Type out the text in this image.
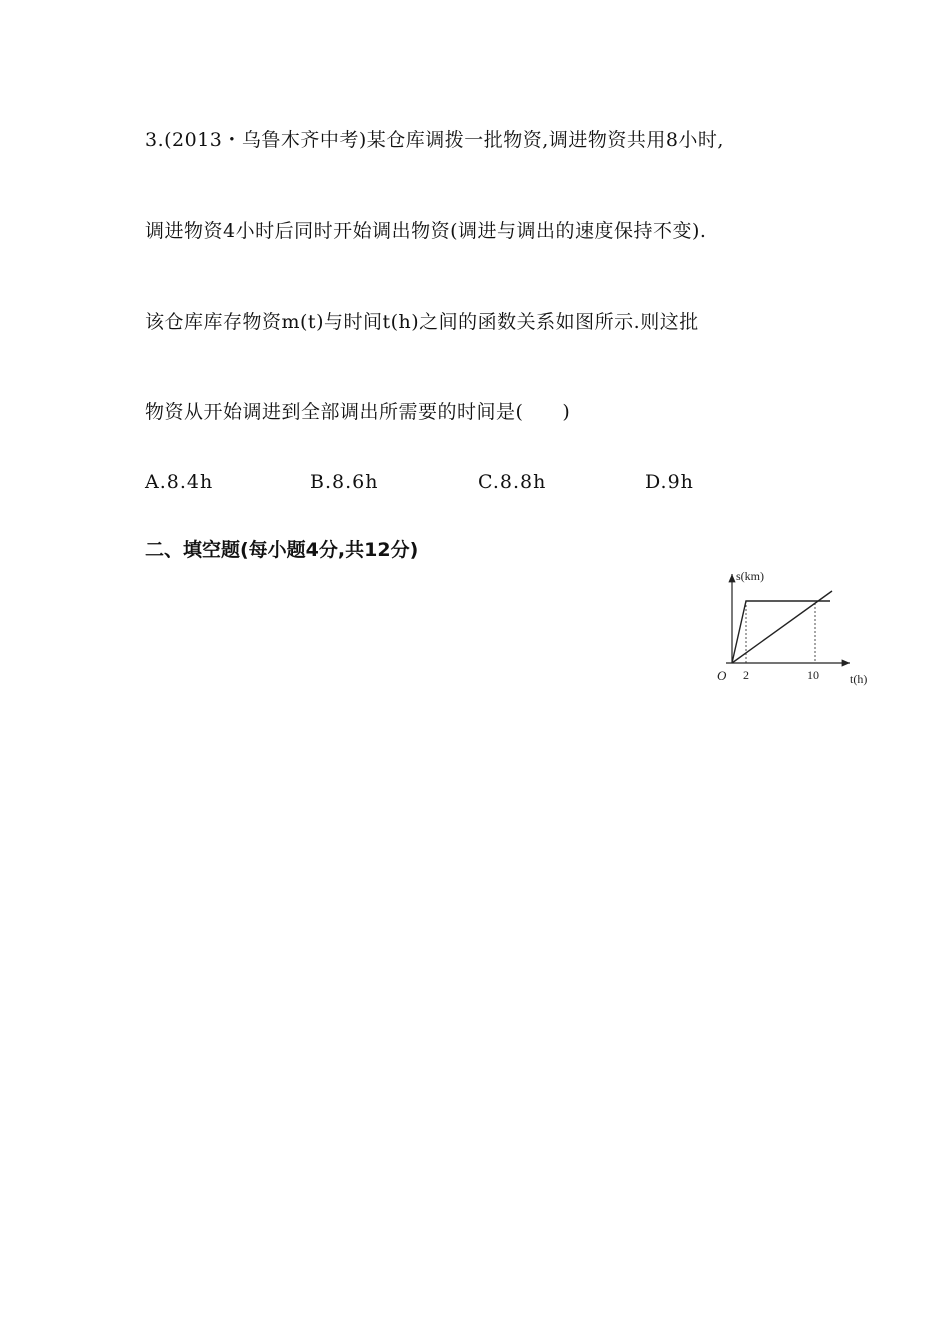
3.(2013・乌鲁木齐中考)某仓库调拨一批物资,调进物资共用8小时,
调进物资4小时后同时开始调出物资(调进与调出的速度保持不变).
该仓库库存物资m(t)与时间t(h)之间的函数关系如图所示.则这批
物资从开始调进到全部调出所需要的时间是(　　)
A.8.4h	B.8.6h	C.8.8h	D.9h
二、填空题(每小题4分,共12分)
s(km)
t(h)
O 2	10
